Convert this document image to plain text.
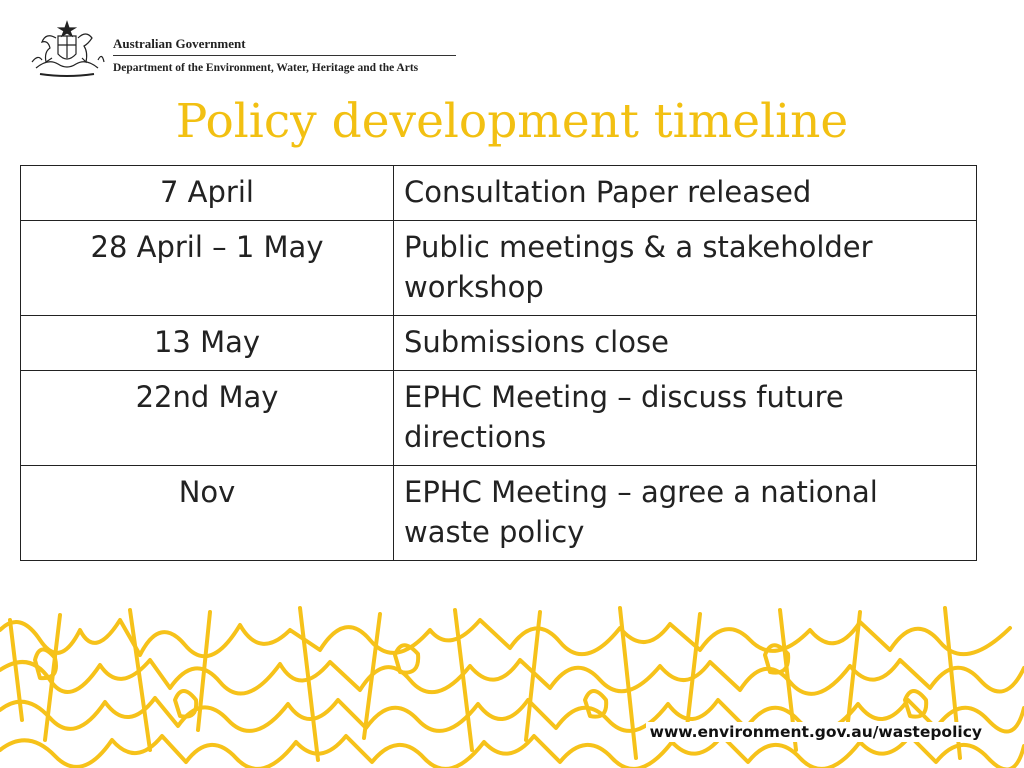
Australian Government
Department of the Environment, Water, Heritage and the Arts
Policy development timeline
7 April	Consultation Paper released
28 April – 1 May	Public meetings & a stakeholder workshop
13 May	Submissions close
22nd May	EPHC Meeting – discuss future directions
Nov	EPHC Meeting – agree a national waste policy
www.environment.gov.au/wastepolicy
